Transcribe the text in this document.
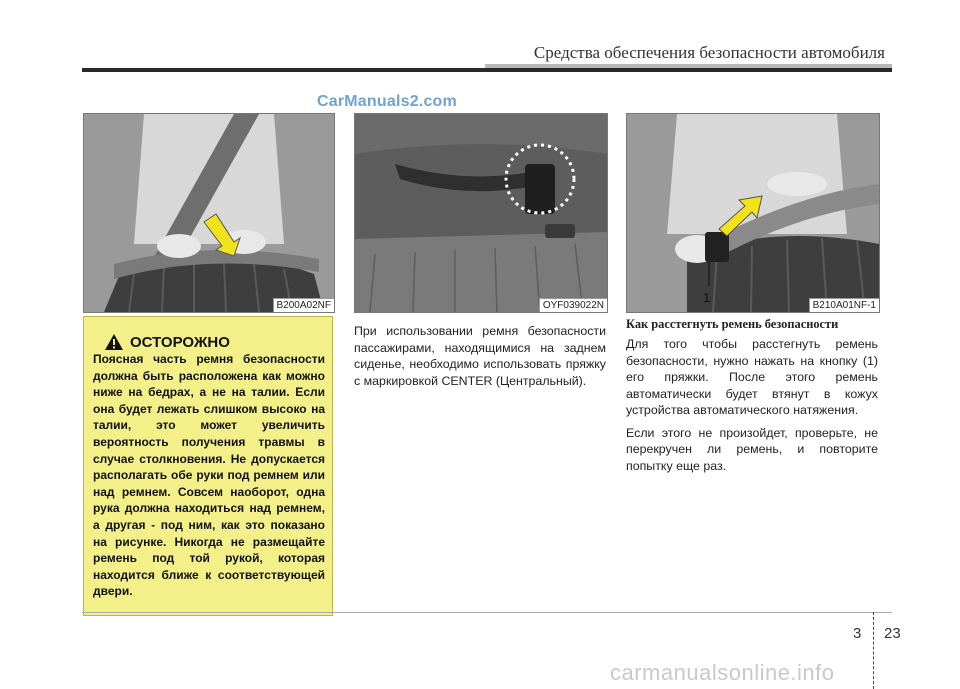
Средства обеспечения безопасности автомобиля
CarManuals2.com
B200A02NF	OYF039022N
1
B210A01NF-1
ОСТОРОЖНО
Поясная часть ремня безопасности должна быть расположена как можно ниже на бедрах, а не на талии. Если она будет лежать слишком высоко на талии, это может увеличить вероятность получения травмы в случае столкновения. Не допускается располагать обе руки под ремнем или над ремнем. Совсем наоборот, одна рука должна находиться над ремнем, а другая - под ним, как это показано на рисунке. Никогда не размещайте ремень под той рукой, которая находится ближе к соответствующей двери.

При использовании ремня безопасности пассажирами, находящимися на заднем сиденье, необходимо использовать пряжку с маркировкой CENTER (Центральный).

Как расстегнуть ремень безопасности

Для того чтобы расстегнуть ремень безопасности, нужно нажать на кнопку (1) его пряжки. После этого ремень автоматически будет втянут в кожух устройства автоматического натяжения.

Если этого не произойдет, проверьте, не перекручен ли ремень, и повторите попытку еще раз.

3 23
carmanualsonline.info
